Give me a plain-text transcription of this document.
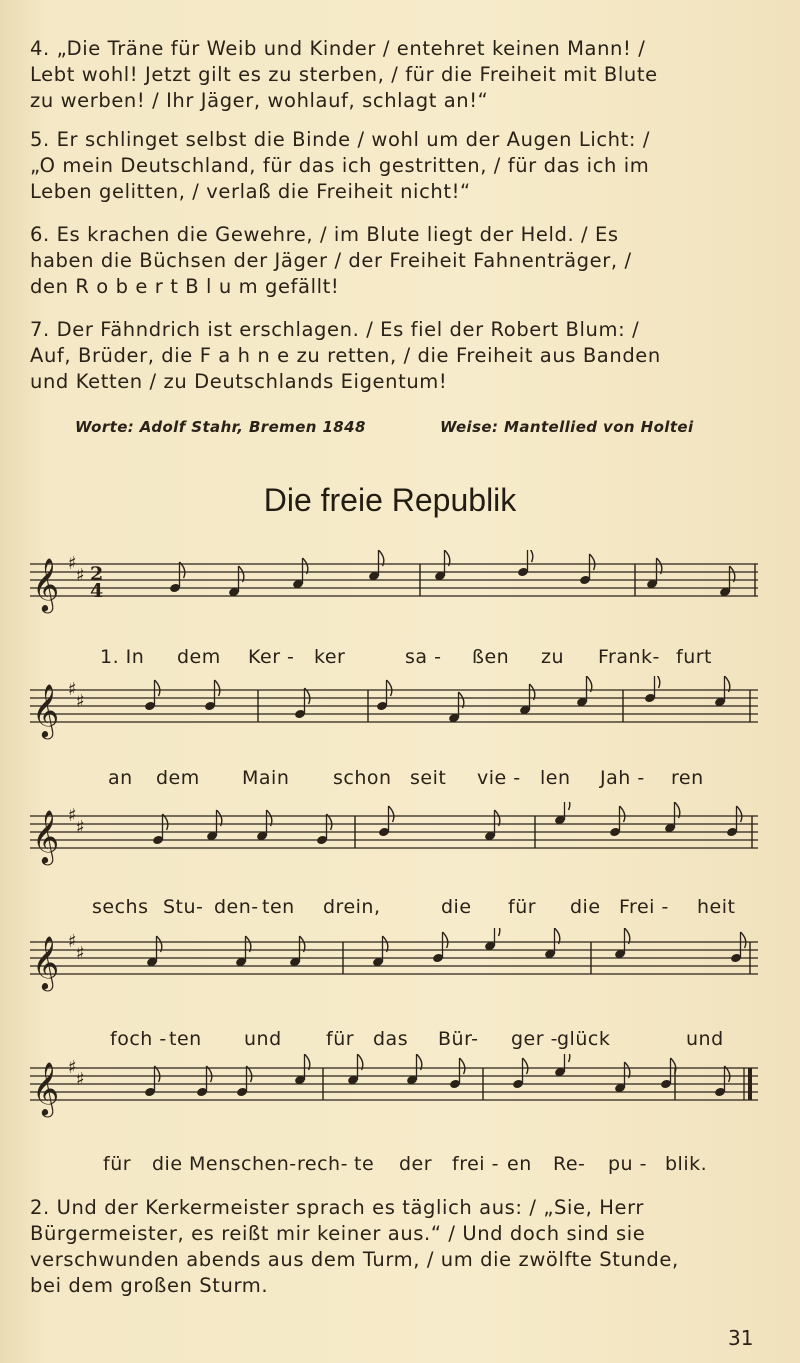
4. „Die Träne für Weib und Kinder / entehret keinen Mann! /
Lebt wohl! Jetzt gilt es zu sterben, / für die Freiheit mit Blute
zu werben! / Ihr Jäger, wohlauf, schlagt an!“

5. Er schlinget selbst die Binde / wohl um der Augen Licht: /
„O mein Deutschland, für das ich gestritten, / für das ich im
Leben gelitten, / verlaß die Freiheit nicht!“

6. Es krachen die Gewehre, / im Blute liegt der Held. / Es
haben die Büchsen der Jäger / der Freiheit Fahnenträger, /
den R o b e r t B l u m gefällt!

7. Der Fähndrich ist erschlagen. / Es fiel der Robert Blum: /
Auf, Brüder, die F a h n e zu retten, / die Freiheit aus Banden
und Ketten / zu Deutschlands Eigentum!

Worte: Adolf Stahr, Bremen 1848	Weise: Mantellied von Holtei
Die freie Republik
𝄞 ♯
♯ 2
4
𝄞 ♯
♯
𝄞 ♯
♯
𝄞 ♯
♯
𝄞 ♯
♯
1. In dem Ker - ker	sa - ßen zu Frank- furt
an dem Main schon seit vie - len Jah - ren
sechs Stu- den- ten drein,	die für die Frei - heit
foch - ten und für das Bür- ger - glück	und
für die Menschen- rech- te der frei - en Re- pu - blik.

2. Und der Kerkermeister sprach es täglich aus: / „Sie, Herr
Bürgermeister, es reißt mir keiner aus.“ / Und doch sind sie
verschwunden abends aus dem Turm, / um die zwölfte Stunde,
bei dem großen Sturm.

31
